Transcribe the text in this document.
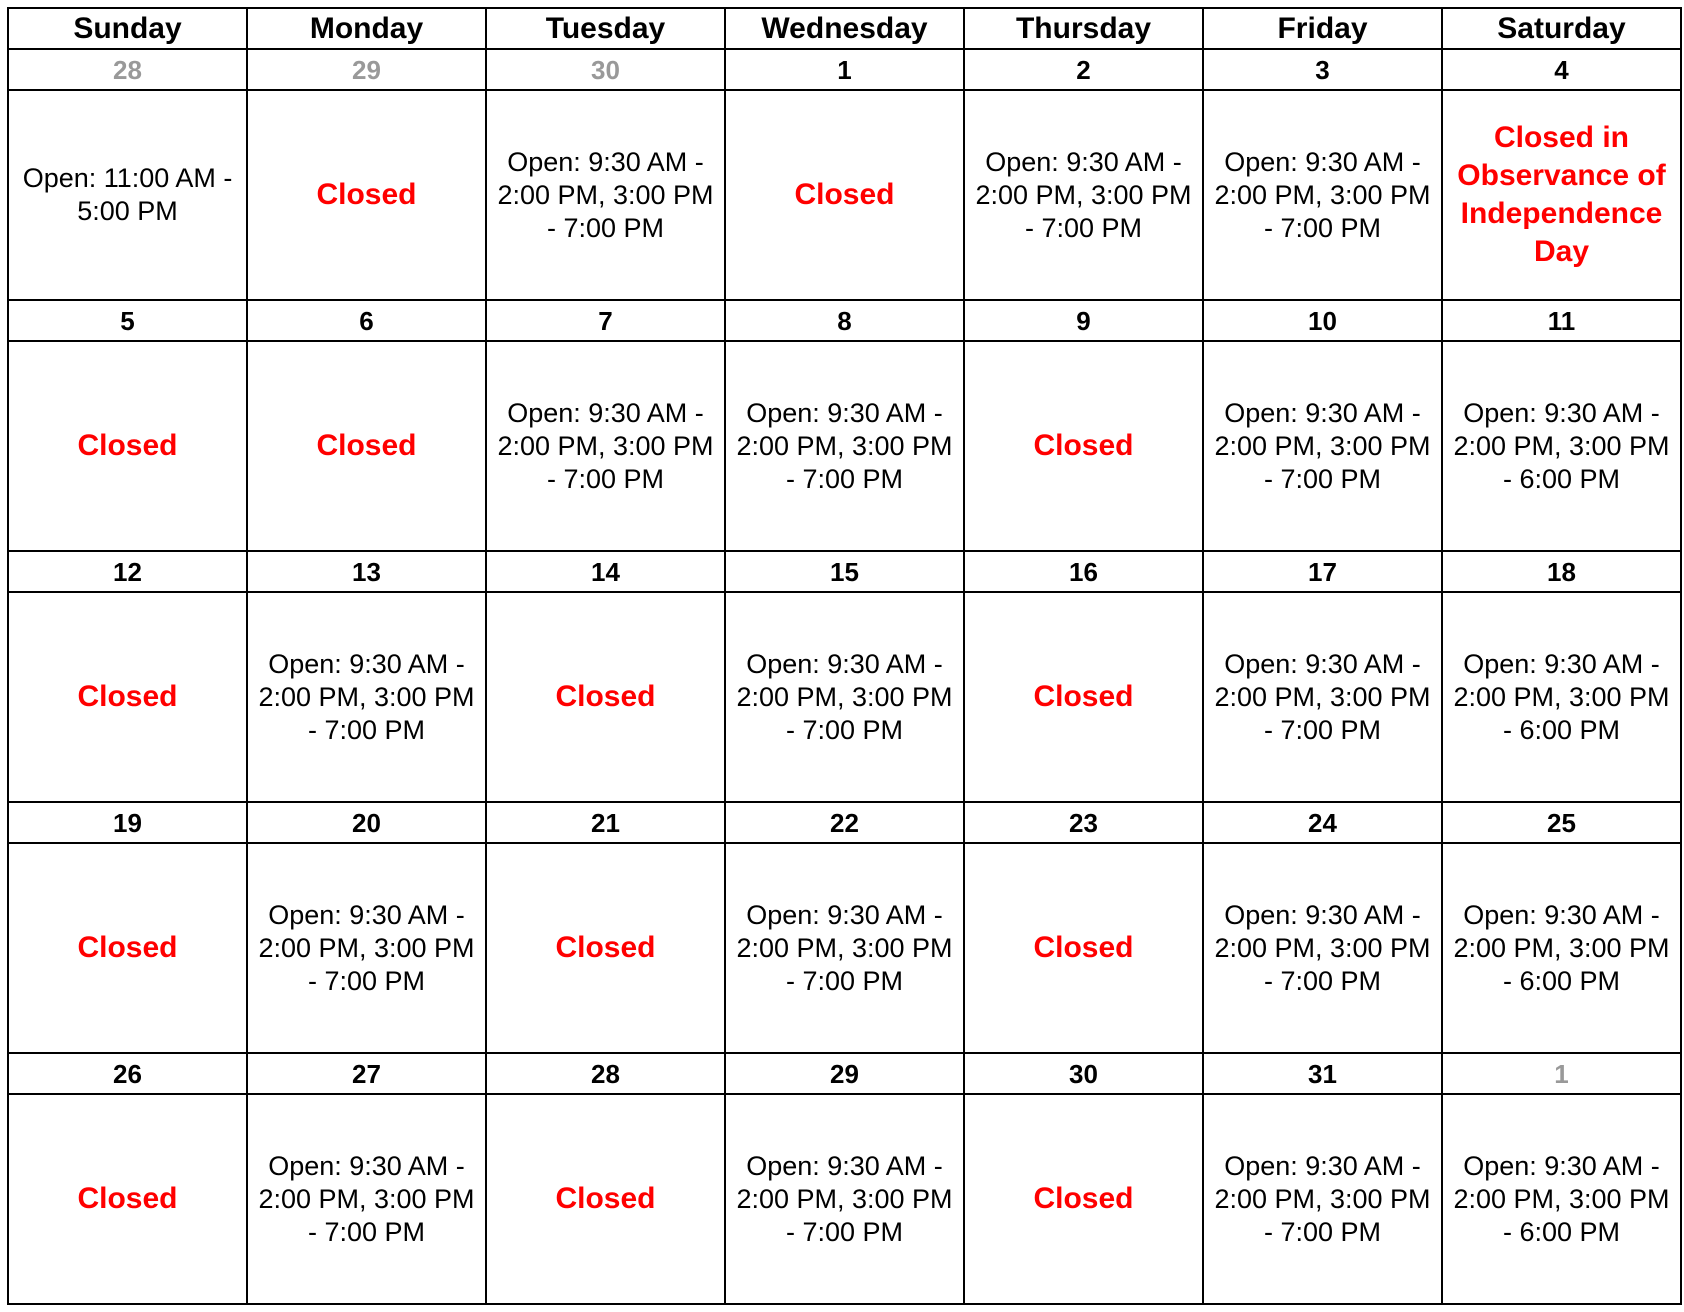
Sunday	Monday	Tuesday	Wednesday	Thursday	Friday	Saturday
28	29	30	1	2	3	4
Open: 11:00 AM - 5:00 PM	Closed	Open: 9:30 AM - 2:00 PM, 3:00 PM - 7:00 PM	Closed	Open: 9:30 AM - 2:00 PM, 3:00 PM - 7:00 PM	Open: 9:30 AM - 2:00 PM, 3:00 PM - 7:00 PM	Closed in Observance of Independence Day
5	6	7	8	9	10	11
Closed	Closed	Open: 9:30 AM - 2:00 PM, 3:00 PM - 7:00 PM	Open: 9:30 AM - 2:00 PM, 3:00 PM - 7:00 PM	Closed	Open: 9:30 AM - 2:00 PM, 3:00 PM - 7:00 PM	Open: 9:30 AM - 2:00 PM, 3:00 PM - 6:00 PM
12	13	14	15	16	17	18
Closed	Open: 9:30 AM - 2:00 PM, 3:00 PM - 7:00 PM	Closed	Open: 9:30 AM - 2:00 PM, 3:00 PM - 7:00 PM	Closed	Open: 9:30 AM - 2:00 PM, 3:00 PM - 7:00 PM	Open: 9:30 AM - 2:00 PM, 3:00 PM - 6:00 PM
19	20	21	22	23	24	25
Closed	Open: 9:30 AM - 2:00 PM, 3:00 PM - 7:00 PM	Closed	Open: 9:30 AM - 2:00 PM, 3:00 PM - 7:00 PM	Closed	Open: 9:30 AM - 2:00 PM, 3:00 PM - 7:00 PM	Open: 9:30 AM - 2:00 PM, 3:00 PM - 6:00 PM
26	27	28	29	30	31	1
Closed	Open: 9:30 AM - 2:00 PM, 3:00 PM - 7:00 PM	Closed	Open: 9:30 AM - 2:00 PM, 3:00 PM - 7:00 PM	Closed	Open: 9:30 AM - 2:00 PM, 3:00 PM - 7:00 PM	Open: 9:30 AM - 2:00 PM, 3:00 PM - 6:00 PM
